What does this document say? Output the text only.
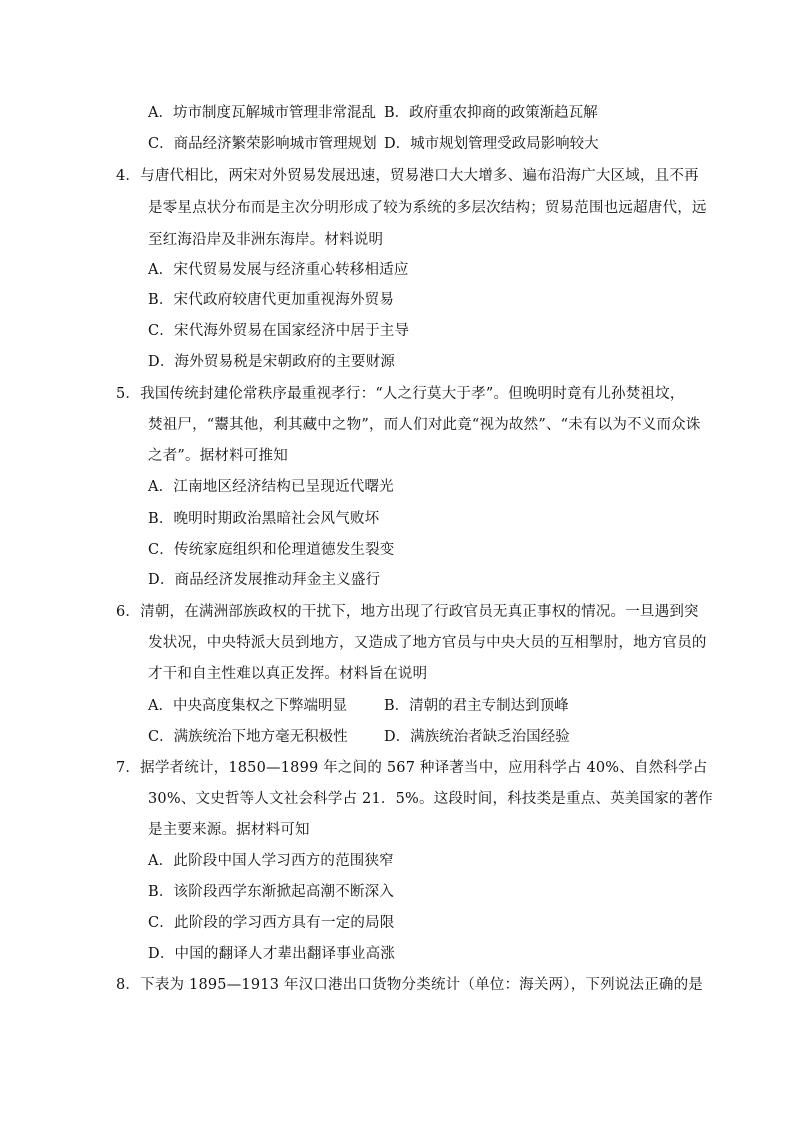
A．坊市制度瓦解城市管理非常混乱 B．政府重农抑商的政策渐趋瓦解
C．商品经济繁荣影响城市管理规划 D．城市规划管理受政局影响较大
4．与唐代相比，两宋对外贸易发展迅速，贸易港口大大增多、遍布沿海广大区域，且不再
是零星点状分布而是主次分明形成了较为系统的多层次结构；贸易范围也远超唐代，远
至红海沿岸及非洲东海岸。材料说明
A．宋代贸易发展与经济重心转移相适应
B．宋代政府较唐代更加重视海外贸易
C．宋代海外贸易在国家经济中居于主导
D．海外贸易税是宋朝政府的主要财源
5．我国传统封建伦常秩序最重视孝行：“人之行莫大于孝”。但晚明时竟有儿孙焚祖坟，
焚祖尸，“鬻其他，利其藏中之物”，而人们对此竟“视为故然”、“未有以为不义而众诛
之者”。据材料可推知
A．江南地区经济结构已呈现近代曙光
B．晚明时期政治黑暗社会风气败坏
C．传统家庭组织和伦理道德发生裂变
D．商品经济发展推动拜金主义盛行
6．清朝，在满洲部族政权的干扰下，地方出现了行政官员无真正事权的情况。一旦遇到突
发状况，中央特派大员到地方，又造成了地方官员与中央大员的互相掣肘，地方官员的
才干和自主性难以真正发挥。材料旨在说明
A．中央高度集权之下弊端明显	B．清朝的君主专制达到顶峰
C．满族统治下地方毫无积极性	D．满族统治者缺乏治国经验
7．据学者统计，1850—1899 年之间的 567 种译著当中，应用科学占 40%、自然科学占
30%、文史哲等人文社会科学占 21．5%。这段时间，科技类是重点、英美国家的著作
是主要来源。据材料可知
A．此阶段中国人学习西方的范围狭窄
B．该阶段西学东渐掀起高潮不断深入
C．此阶段的学习西方具有一定的局限
D．中国的翻译人才辈出翻译事业高涨
8．下表为 1895—1913 年汉口港出口货物分类统计（单位：海关两），下列说法正确的是
